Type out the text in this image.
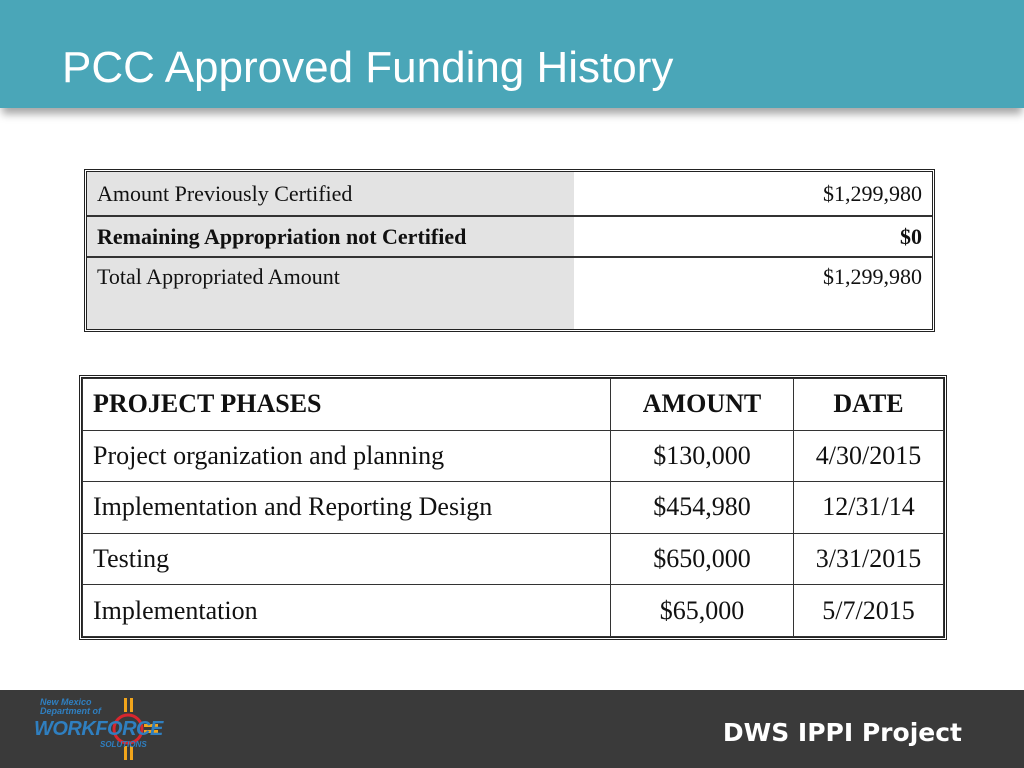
PCC Approved Funding History
Amount Previously Certified	$1,299,980
Remaining Appropriation not Certified	$0
Total Appropriated Amount	$1,299,980
PROJECT PHASES	AMOUNT	DATE
Project organization and planning	$130,000	4/30/2015
Implementation and Reporting Design	$454,980	12/31/14
Testing	$650,000	3/31/2015
Implementation	$65,000	5/7/2015
New Mexico
Department of
WORKFORCE
SOLUTIONS	DWS IPPI Project
